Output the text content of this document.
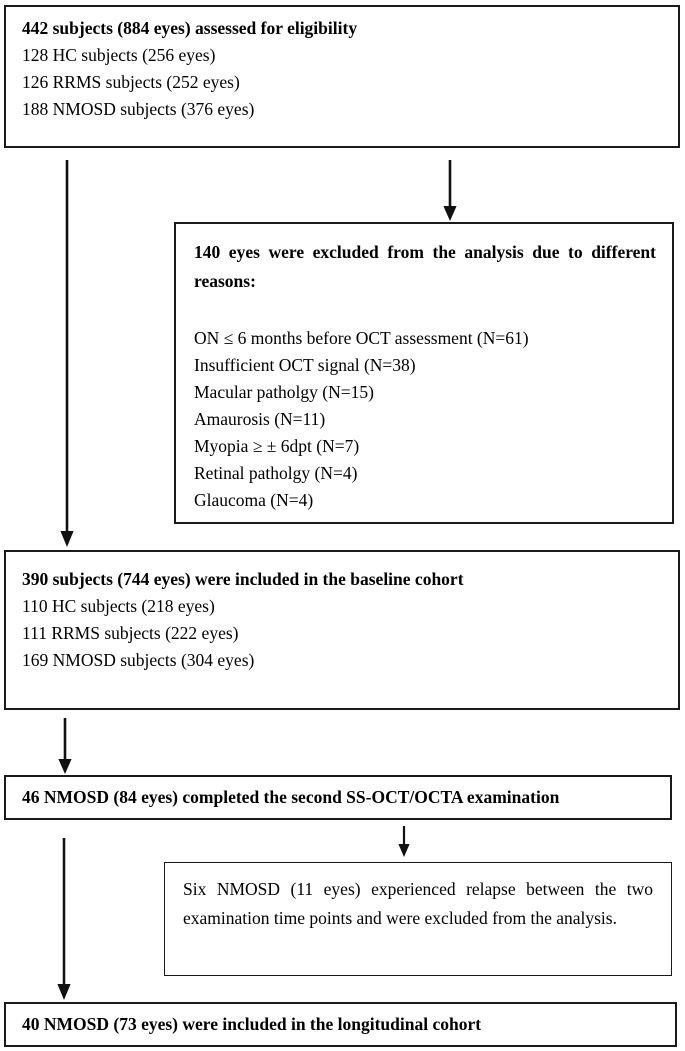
442 subjects (884 eyes) assessed for eligibility
128 HC subjects (256 eyes)
126 RRMS subjects (252 eyes)
188 NMOSD subjects (376 eyes)
140 eyes were excluded from the analysis due to different reasons:
ON ≤ 6 months before OCT assessment (N=61)
Insufficient OCT signal (N=38)
Macular patholgy (N=15)
Amaurosis (N=11)
Myopia ≥ ± 6dpt (N=7)
Retinal patholgy (N=4)
Glaucoma (N=4)
390 subjects (744 eyes) were included in the baseline cohort
110 HC subjects (218 eyes)
111 RRMS subjects (222 eyes)
169 NMOSD subjects (304 eyes)
46 NMOSD (84 eyes) completed the second SS-OCT/OCTA examination
Six NMOSD (11 eyes) experienced relapse between the two examination time points and were excluded from the analysis.
40 NMOSD (73 eyes) were included in the longitudinal cohort
